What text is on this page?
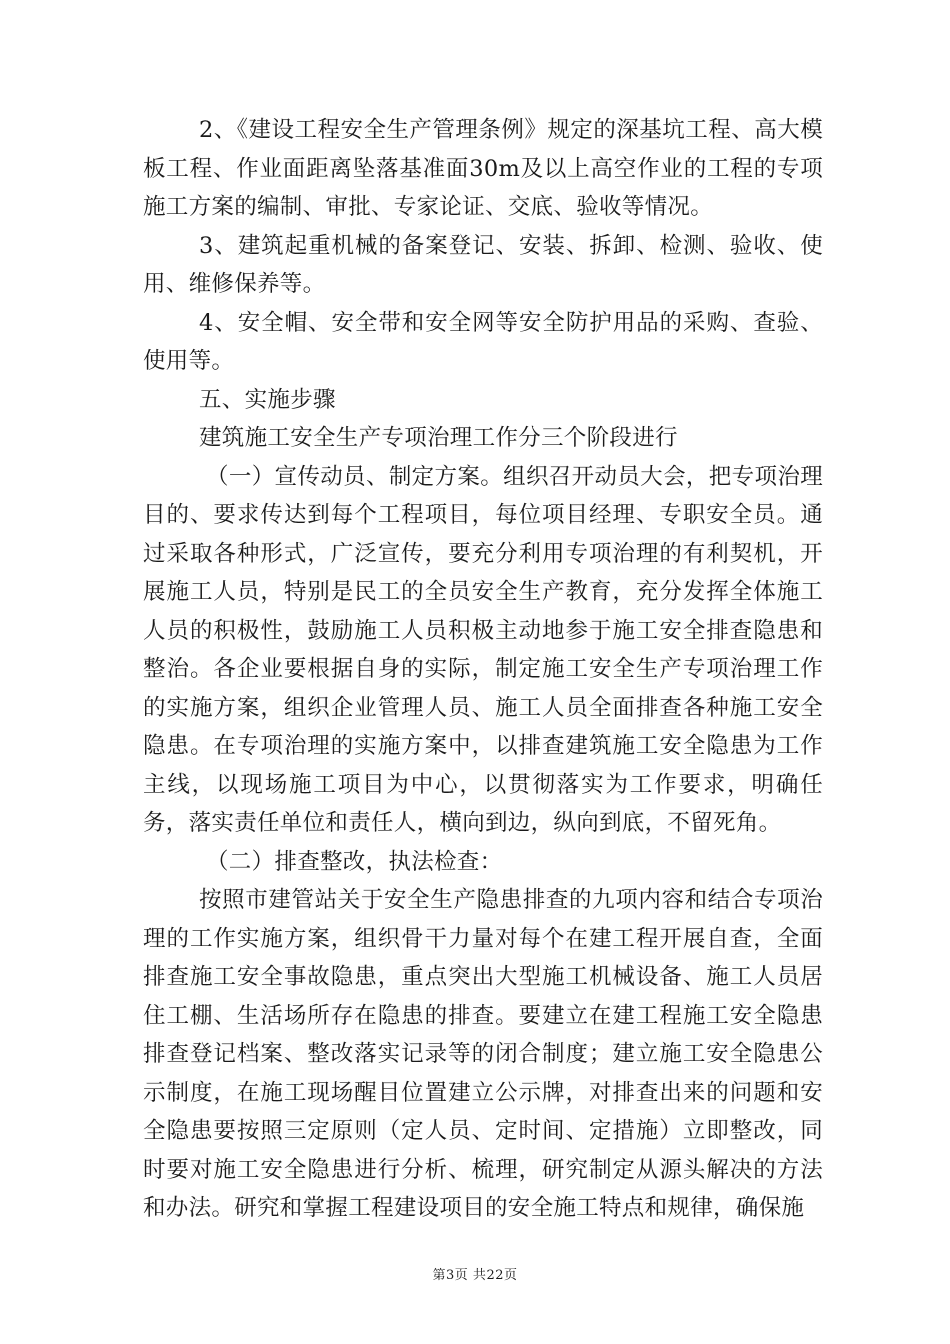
2、《建设工程安全生产管理条例》规定的深基坑工程、高大模板工程、作业面距离坠落基准面30m及以上高空作业的工程的专项施工方案的编制、审批、专家论证、交底、验收等情况。

3、建筑起重机械的备案登记、安装、拆卸、检测、验收、使用、维修保养等。

4、安全帽、安全带和安全网等安全防护用品的采购、查验、使用等。

五、实施步骤

建筑施工安全生产专项治理工作分三个阶段进行

（一）宣传动员、制定方案。组织召开动员大会，把专项治理目的、要求传达到每个工程项目，每位项目经理、专职安全员。通过采取各种形式，广泛宣传，要充分利用专项治理的有利契机，开展施工人员，特别是民工的全员安全生产教育，充分发挥全体施工人员的积极性，鼓励施工人员积极主动地参于施工安全排查隐患和整治。各企业要根据自身的实际，制定施工安全生产专项治理工作的实施方案，组织企业管理人员、施工人员全面排查各种施工安全隐患。在专项治理的实施方案中，以排查建筑施工安全隐患为工作主线，以现场施工项目为中心，以贯彻落实为工作要求，明确任务，落实责任单位和责任人，横向到边，纵向到底，不留死角。

（二）排查整改，执法检查：

按照市建管站关于安全生产隐患排查的九项内容和结合专项治理的工作实施方案，组织骨干力量对每个在建工程开展自查，全面排查施工安全事故隐患，重点突出大型施工机械设备、施工人员居住工棚、生活场所存在隐患的排查。要建立在建工程施工安全隐患排查登记档案、整改落实记录等的闭合制度；建立施工安全隐患公示制度，在施工现场醒目位置建立公示牌，对排查出来的问题和安全隐患要按照三定原则（定人员、定时间、定措施）立即整改，同时要对施工安全隐患进行分析、梳理，研究制定从源头解决的方法和办法。研究和掌握工程建设项目的安全施工特点和规律，确保施

第3页 共22页
